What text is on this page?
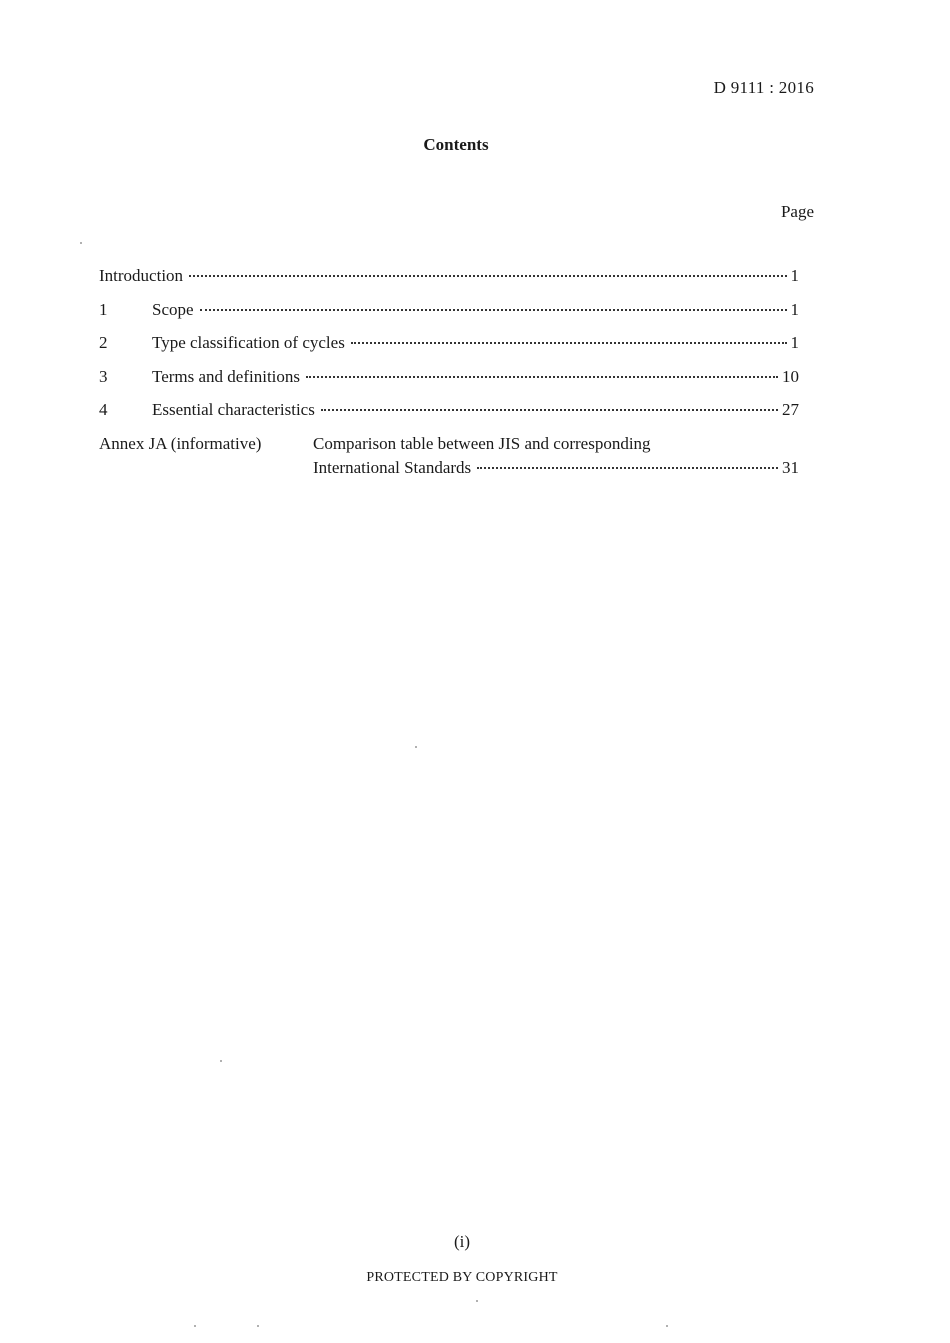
D 9111 : 2016
Contents
Page
Introduction	1
1	Scope	1
2	Type classification of cycles	1
3	Terms and definitions	10
4	Essential characteristics	27
Annex JA (informative)	Comparison table between JIS and corresponding
International Standards	31
(i)
PROTECTED BY COPYRIGHT
